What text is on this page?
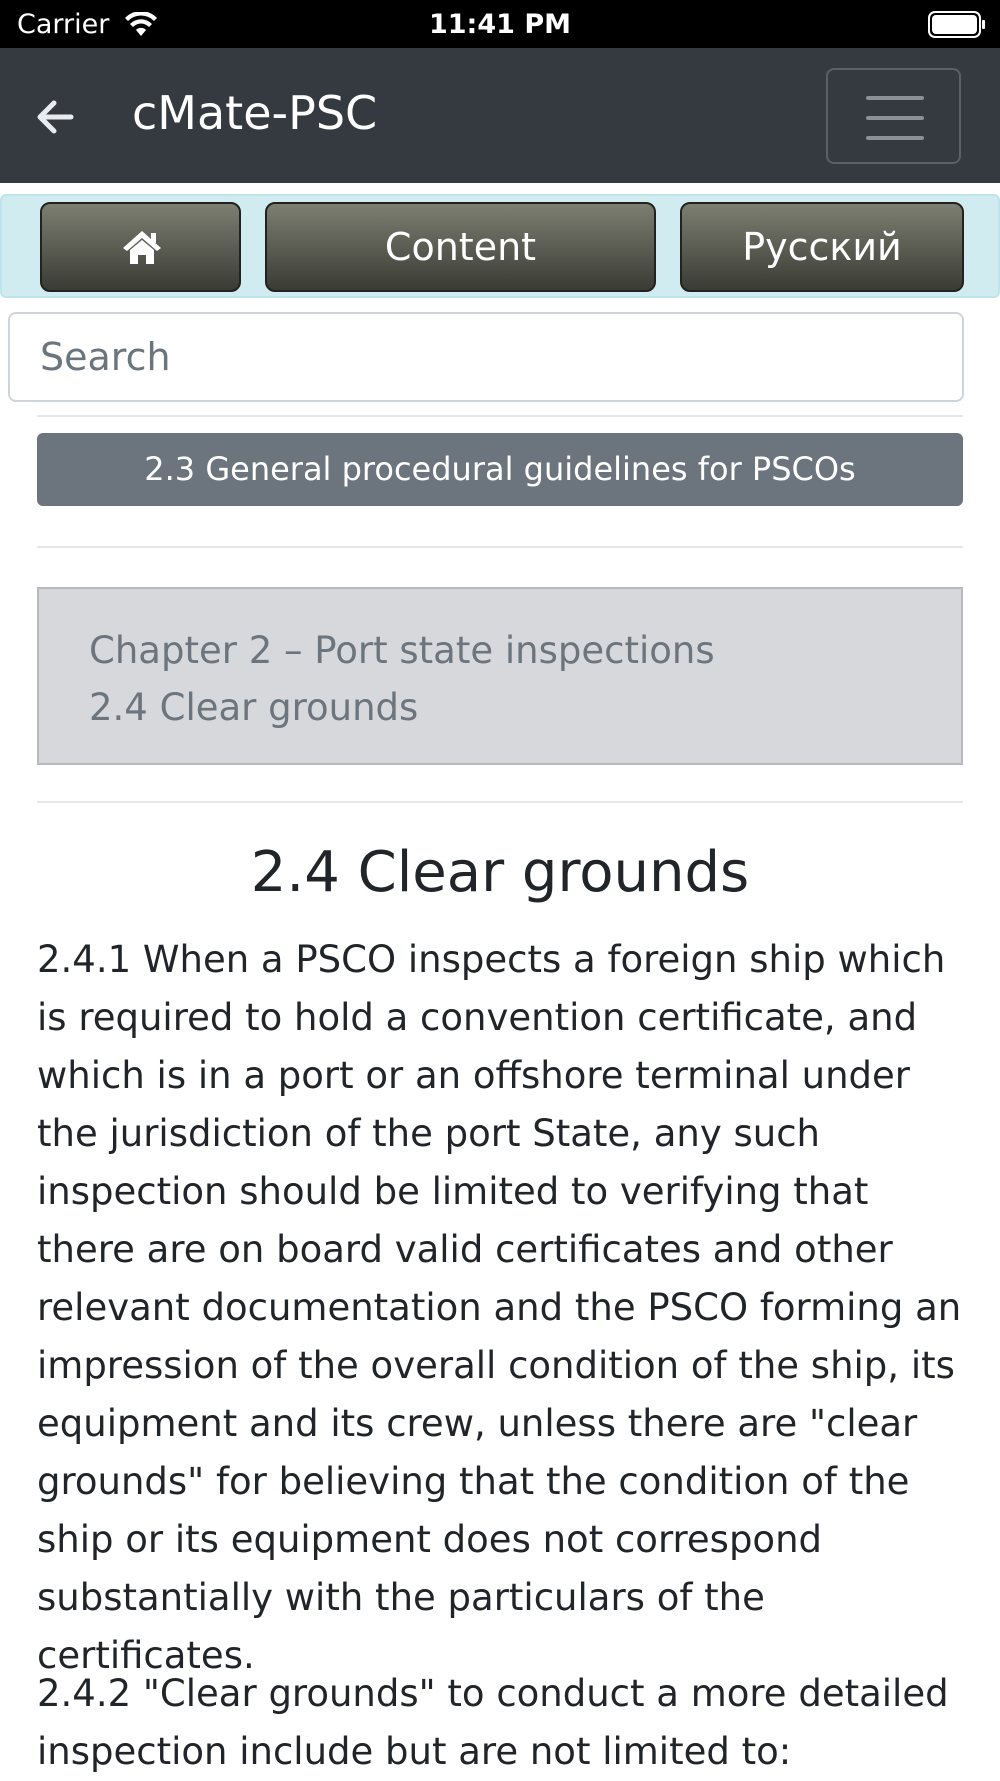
Carrier	11:41 PM
cMate-PSC
Content	Русский
Search
2.3 General procedural guidelines for PSCOs
Chapter 2 – Port state inspections
2.4 Clear grounds
2.4 Clear grounds

2.4.1 When a PSCO inspects a foreign ship which is required to hold a convention certificate, and which is in a port or an offshore terminal under the jurisdiction of the port State, any such inspection should be limited to verifying that there are on board valid certificates and other relevant documentation and the PSCO forming an impression of the overall condition of the ship, its equipment and its crew, unless there are "clear grounds" for believing that the condition of the ship or its equipment does not correspond substantially with the particulars of the certificates.

2.4.2 "Clear grounds" to conduct a more detailed inspection include but are not limited to:
